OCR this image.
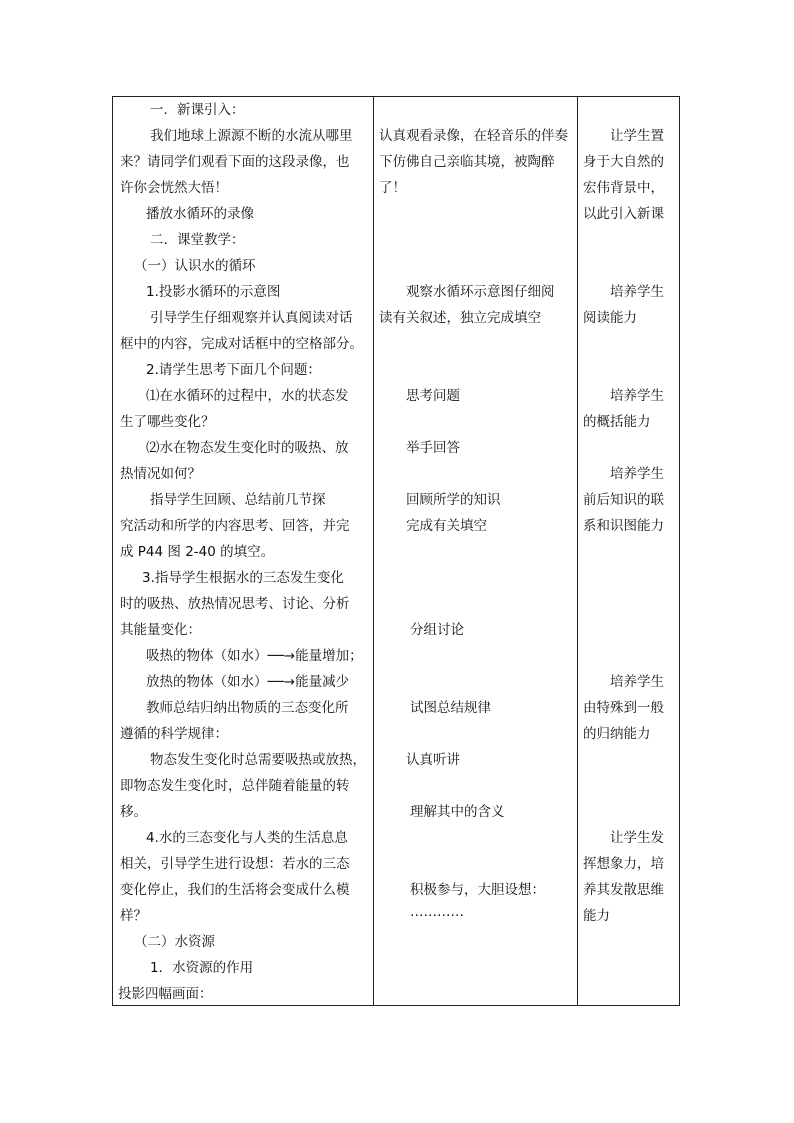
一．新课引入：
我们地球上源源不断的水流从哪里
来？请同学们观看下面的这段录像，也
许你会恍然大悟！
播放水循环的录像
二．课堂教学：
（一）认识水的循环
1.投影水循环的示意图
引导学生仔细观察并认真阅读对话
框中的内容，完成对话框中的空格部分。
2.请学生思考下面几个问题：
⑴在水循环的过程中，水的状态发
生了哪些变化？
⑵水在物态发生变化时的吸热、放
热情况如何？
指导学生回顾、总结前几节探
究活动和所学的内容思考、回答，并完
成 P44 图 2-40 的填空。
3.指导学生根据水的三态发生变化
时的吸热、放热情况思考、讨论、分析
其能量变化：
吸热的物体（如水）──→能量增加；
放热的物体（如水）──→能量减少
教师总结归纳出物质的三态变化所
遵循的科学规律：
物态发生变化时总需要吸热或放热，
即物态发生变化时，总伴随着能量的转
移。
4.水的三态变化与人类的生活息息
相关，引导学生进行设想：若水的三态
变化停止，我们的生活将会变成什么模
样？
（二）水资源
1．水资源的作用
投影四幅画面：
认真观看录像，在轻音乐的伴奏
下仿佛自己亲临其境，被陶醉
了！
观察水循环示意图仔细阅
读有关叙述，独立完成填空
思考问题
举手回答
回顾所学的知识
完成有关填空
分组讨论
试图总结规律
认真听讲
理解其中的含义
积极参与，大胆设想：
…………
让学生置
身于大自然的
宏伟背景中，
以此引入新课
培养学生
阅读能力
培养学生
的概括能力
培养学生
前后知识的联
系和识图能力
培养学生
由特殊到一般
的归纳能力
让学生发
挥想象力，培
养其发散思维
能力
